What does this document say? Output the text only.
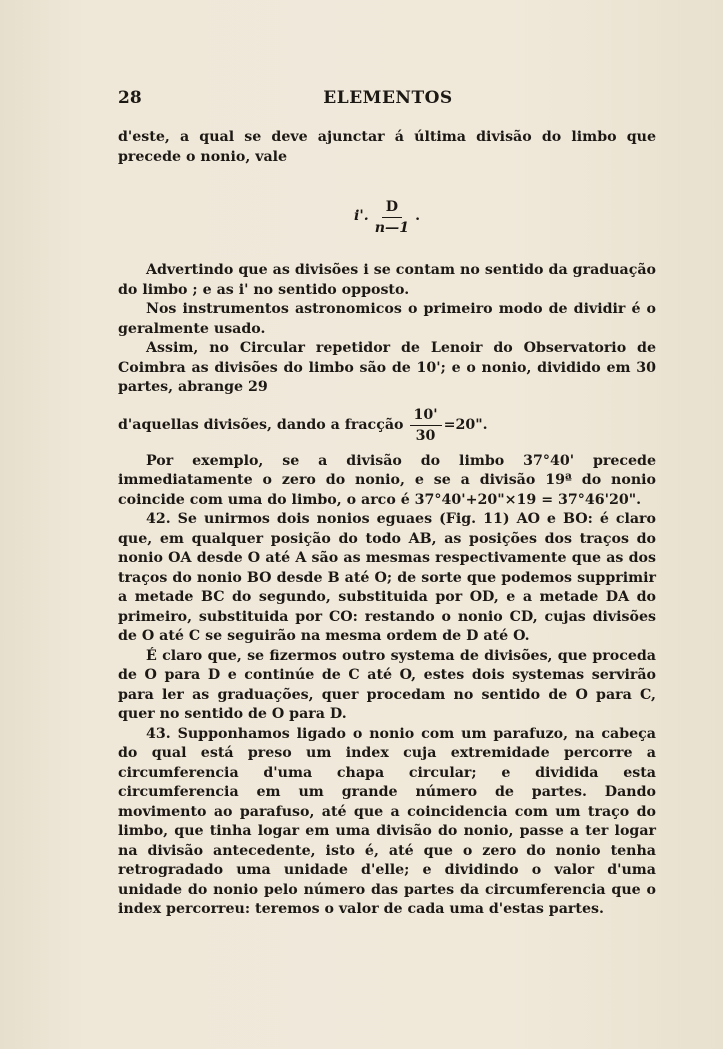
28	ELEMENTOS

d'este, a qual se deve ajunctar á última divisão do limbo que precede o nonio, vale

i'. $\frac{D}{n—1}$ .

Advertindo que as divisões i se contam no sentido da graduação do limbo ; e as i' no sentido opposto.

Nos instrumentos astronomicos o primeiro modo de dividir é o geralmente usado.

Assim, no Circular repetidor de Lenoir do Observatorio de Coimbra as divisões do limbo são de 10'; e o nonio, dividido em 30 partes, abrange 29

d'aquellas divisões, dando a fracção $\frac{10'}{30} =20$".

Por exemplo, se a divisão do limbo 37°40' precede immediatamente o zero do nonio, e se a divisão 19ª do nonio coincide com uma do limbo, o arco é 37°40'+20"×19 = 37°46'20".

42. Se unirmos dois nonios eguaes (Fig. 11) AO e BO: é claro que, em qualquer posição do todo AB, as posições dos traços do nonio OA desde O até A são as mesmas respectivamente que as dos traços do nonio BO desde B até O; de sorte que podemos supprimir a metade BC do segundo, substituida por OD, e a metade DA do primeiro, substituida por CO: restando o nonio CD, cujas divisões de O até C se seguirão na mesma ordem de D até O.

É claro que, se fizermos outro systema de divisões, que proceda de O para D e continúe de C até O, estes dois systemas servirão para ler as graduações, quer procedam no sentido de O para C, quer no sentido de O para D.

43. Supponhamos ligado o nonio com um parafuzo, na cabeça do qual está preso um index cuja extremidade percorre a circumferencia d'uma chapa circular; e dividida esta circumferencia em um grande número de partes. Dando movimento ao parafuso, até que a coincidencia com um traço do limbo, que tinha logar em uma divisão do nonio, passe a ter logar na divisão antecedente, isto é, até que o zero do nonio tenha retrogradado uma unidade d'elle; e dividindo o valor d'uma unidade do nonio pelo número das partes da circumferencia que o index percorreu: teremos o valor de cada uma d'estas partes.
